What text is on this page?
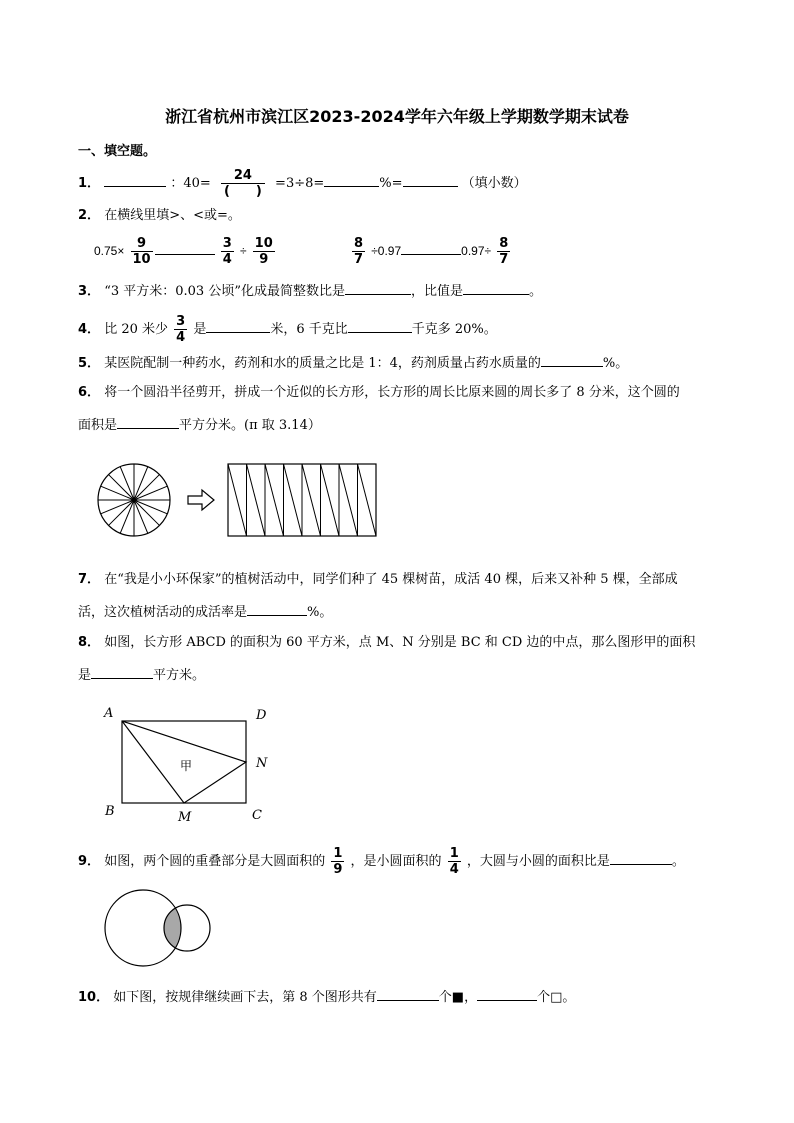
浙江省杭州市滨江区2023-2024学年六年级上学期数学期末试卷
一、填空题。
1．	：$40= \frac{24}{( )} =3\div 8=$	%=	（填小数）
2． 在横线里填>、<或=。
$0.75\times \frac{9}{10}$
	$\frac{3}{4} \div \frac{10}{9}$	$\frac{8}{7} \div 0.97$	$0.97\div \frac{8}{7}$
3． “3 平方米：0.03 公顷”化成最简整数比是	，比值是	。
4． 比 20 米少 $\frac{3}{4}$ 是	米，6 千克比	千克多 20%。
5． 某医院配制一种药水，药剂和水的质量之比是 1：4，药剂质量占药水质量的	%。
6． 将一个圆沿半径剪开，拼成一个近似的长方形，长方形的周长比原来圆的周长多了 8 分米，这个圆的
面积是	平方分米。(π 取 3.14）
7． 在“我是小小环保家”的植树活动中，同学们种了 45 棵树苗，成活 40 棵，后来又补种 5 棵，全部成
活，这次植树活动的成活率是	%。
8． 如图，长方形 ABCD 的面积为 60 平方米，点 M、N 分别是 BC 和 CD 边的中点，那么图形甲的面积
是	平方米。
A	D
N
B	M	C
甲
9． 如图，两个圆的重叠部分是大圆面积的 $\frac{1}{9}$ ，是小圆面积的 $\frac{1}{4}$ ，大圆与小圆的面积比是	。
10． 如下图，按规律继续画下去，第 8 个图形共有	个■，	个□。
